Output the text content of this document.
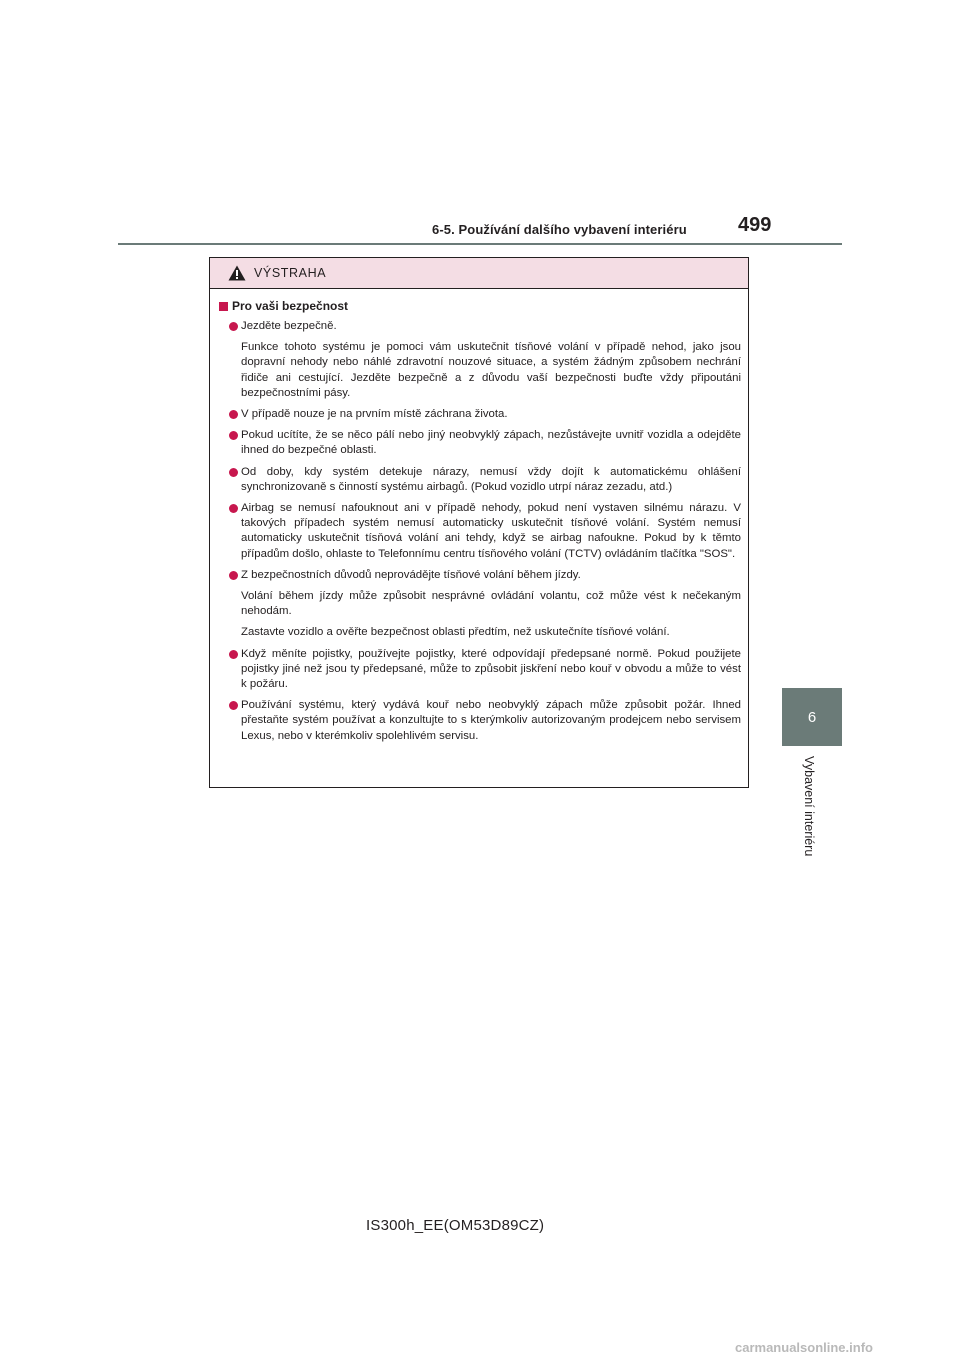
6-5. Používání dalšího vybavení interiéru	499
6
Vybavení interiéru
VÝSTRAHA
Pro vaši bezpečnost
Jezděte bezpečně.
Funkce tohoto systému je pomoci vám uskutečnit tísňové volání v případě nehod, jako jsou dopravní nehody nebo náhlé zdravotní nouzové situace, a systém žádným způsobem nechrání řidiče ani cestující. Jezděte bezpečně a z důvodu vaší bezpečnosti buďte vždy připoutáni bezpečnostními pásy.
V případě nouze je na prvním místě záchrana života.
Pokud ucítíte, že se něco pálí nebo jiný neobvyklý zápach, nezůstávejte uvnitř vozidla a odejděte ihned do bezpečné oblasti.
Od doby, kdy systém detekuje nárazy, nemusí vždy dojít k automatickému ohlášení synchronizovaně s činností systému airbagů. (Pokud vozidlo utrpí náraz zezadu, atd.)
Airbag se nemusí nafouknout ani v případě nehody, pokud není vystaven silnému nárazu. V takových případech systém nemusí automaticky uskutečnit tísňové volání. Systém nemusí automaticky uskutečnit tísňová volání ani tehdy, když se airbag nafoukne. Pokud by k těmto případům došlo, ohlaste to Telefonnímu centru tísňového volání (TCTV) ovládáním tlačítka "SOS".
Z bezpečnostních důvodů neprovádějte tísňové volání během jízdy.
Volání během jízdy může způsobit nesprávné ovládání volantu, což může vést k nečekaným nehodám.
Zastavte vozidlo a ověřte bezpečnost oblasti předtím, než uskutečníte tísňové volání.
Když měníte pojistky, používejte pojistky, které odpovídají předepsané normě. Pokud použijete pojistky jiné než jsou ty předepsané, může to způsobit jiskření nebo kouř v obvodu a může to vést k požáru.
Používání systému, který vydává kouř nebo neobvyklý zápach může způsobit požár. Ihned přestaňte systém používat a konzultujte to s kterýmkoliv autorizovaným prodejcem nebo servisem Lexus, nebo v kterémkoliv spolehlivém servisu.
IS300h_EE(OM53D89CZ)
carmanualsonline.info
